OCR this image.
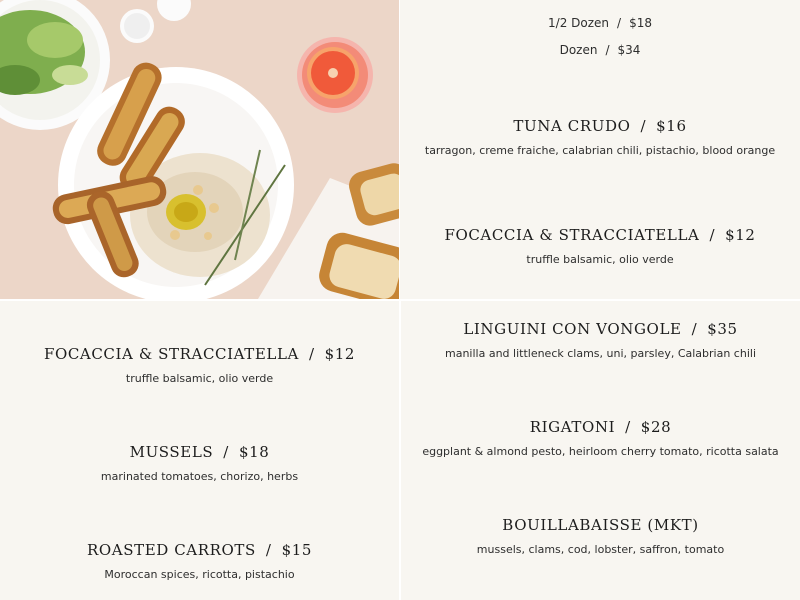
1/2 Dozen / $18
Dozen / $34
TUNA CRUDO / $16
tarragon, creme fraiche, calabrian chili, pistachio, blood orange
FOCACCIA & STRACCIATELLA / $12
truffle balsamic, olio verde
FOCACCIA & STRACCIATELLA / $12
truffle balsamic, olio verde
MUSSELS / $18
marinated tomatoes, chorizo, herbs
ROASTED CARROTS / $15
Moroccan spices, ricotta, pistachio
LINGUINI CON VONGOLE / $35
manilla and littleneck clams, uni, parsley, Calabrian chili
RIGATONI / $28
eggplant & almond pesto, heirloom cherry tomato, ricotta salata
BOUILLABAISSE (MKT)
mussels, clams, cod, lobster, saffron, tomato
